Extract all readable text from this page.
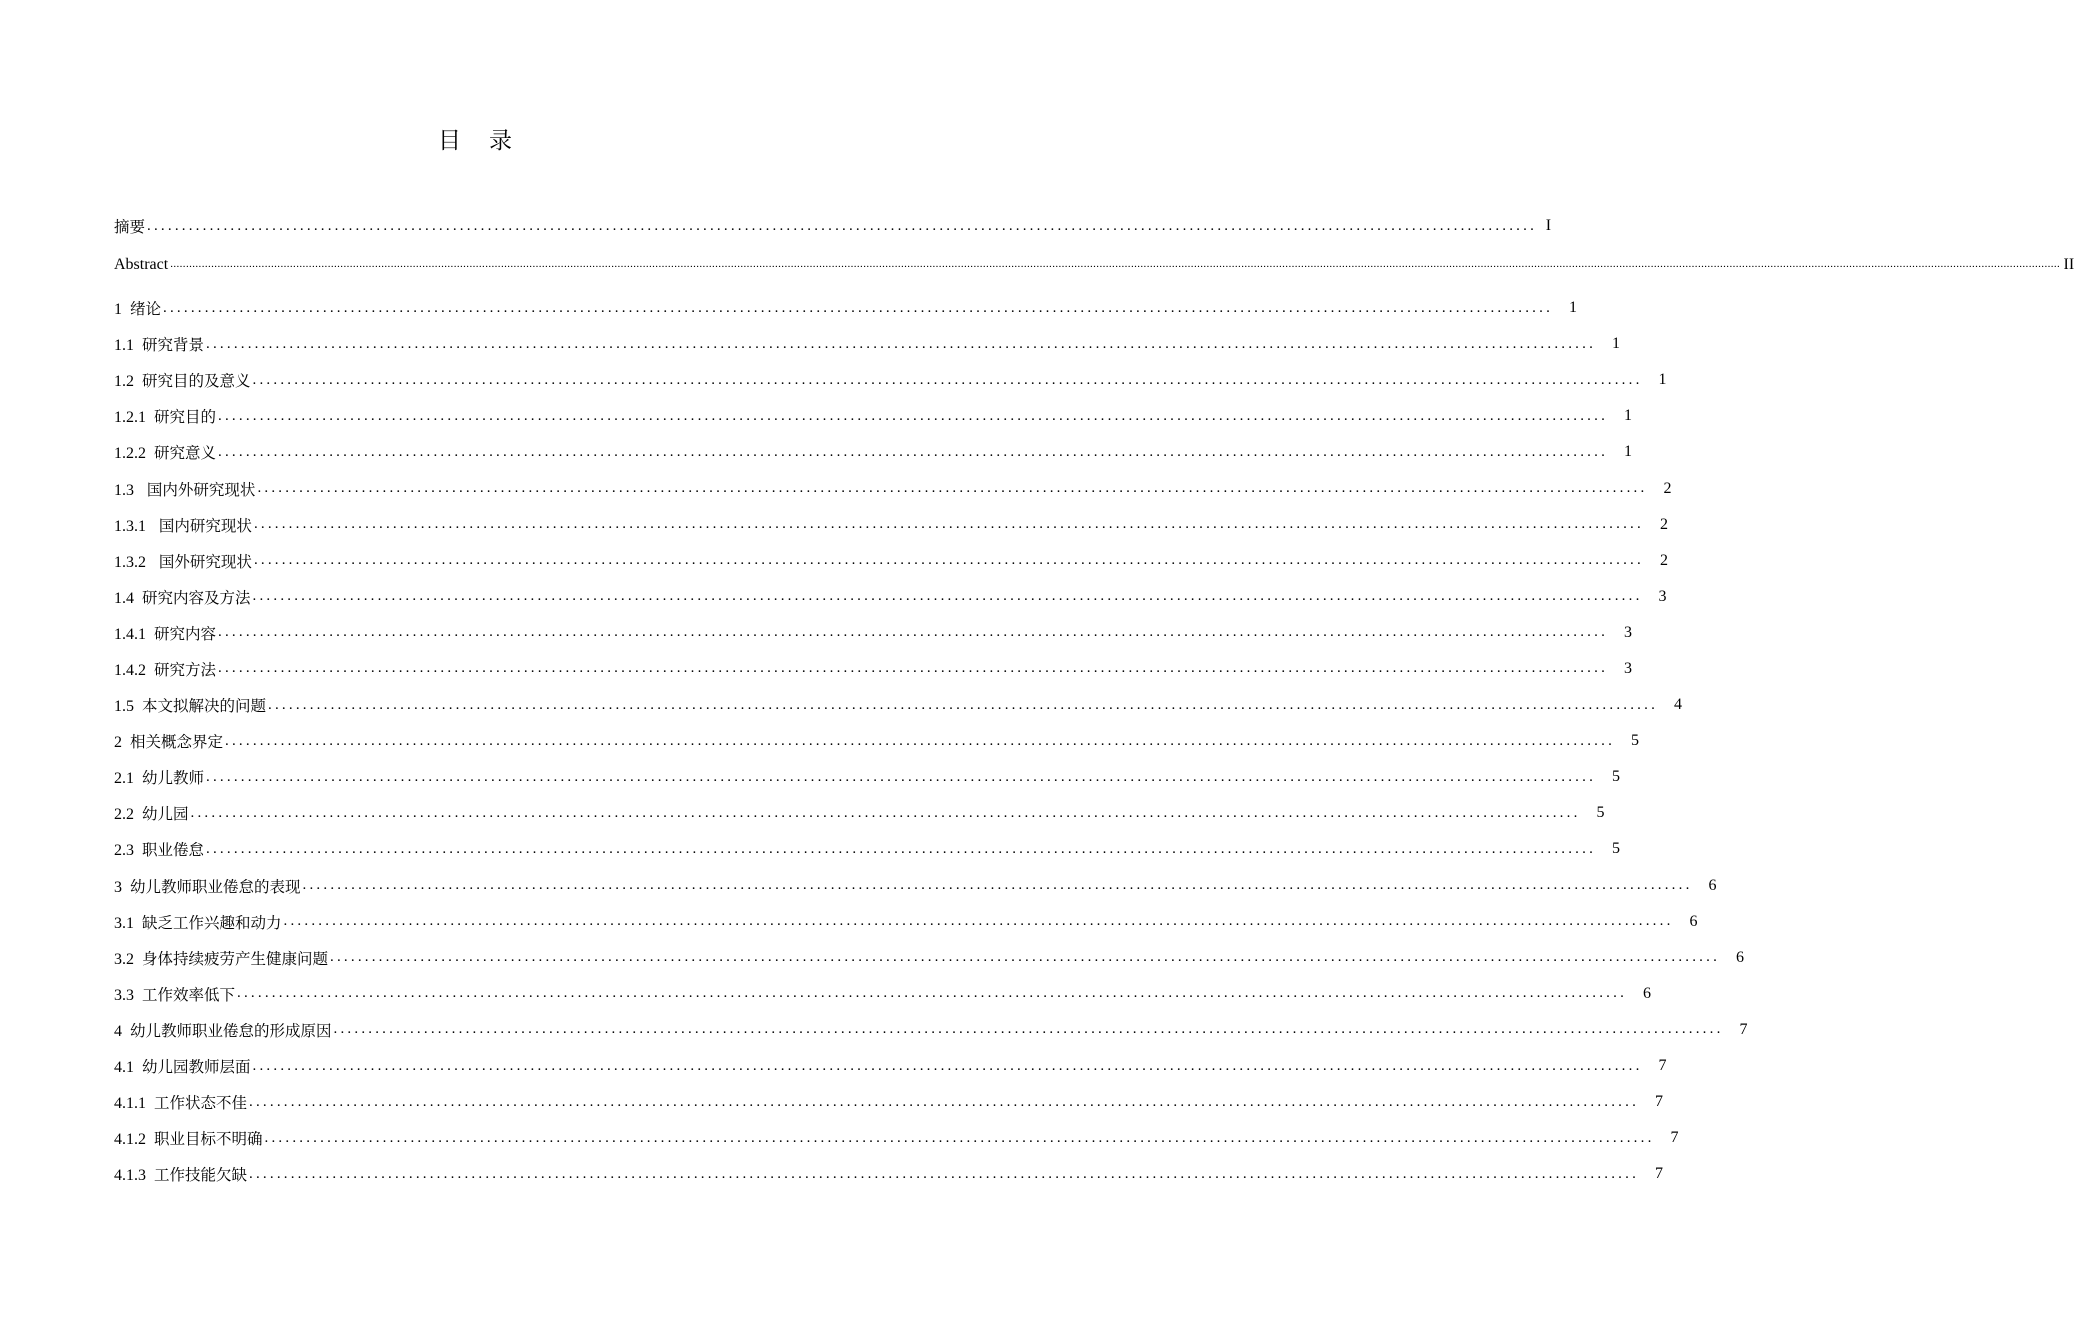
目 录
摘要 ........................................................................................................................................................................................................ I
Abstract ........................................................................................................................................................................................................................................................................................................................................................................................................................................................................................................................................................................................................................ II
1 绪论 ........................................................................................................................................................................................................	1
1.1 研究背景 ........................................................................................................................................................................................................	1
1.2 研究目的及意义 ........................................................................................................................................................................................................	1
1.2.1 研究目的 ........................................................................................................................................................................................................	1
1.2.2 研究意义 ........................................................................................................................................................................................................	1
1.3 国内外研究现状 ........................................................................................................................................................................................................	2
1.3.1 国内研究现状 ........................................................................................................................................................................................................	2
1.3.2 国外研究现状 ........................................................................................................................................................................................................	2
1.4 研究内容及方法 ........................................................................................................................................................................................................	3
1.4.1 研究内容 ........................................................................................................................................................................................................	3
1.4.2 研究方法 ........................................................................................................................................................................................................	3
1.5 本文拟解决的问题 ........................................................................................................................................................................................................	4
2 相关概念界定 ........................................................................................................................................................................................................	5
2.1 幼儿教师 ........................................................................................................................................................................................................	5
2.2 幼儿园 ........................................................................................................................................................................................................	5
2.3 职业倦怠 ........................................................................................................................................................................................................	5
3 幼儿教师职业倦怠的表现 ........................................................................................................................................................................................................	6
3.1 缺乏工作兴趣和动力 ........................................................................................................................................................................................................	6
3.2 身体持续疲劳产生健康问题 ........................................................................................................................................................................................................	6
3.3 工作效率低下 ........................................................................................................................................................................................................	6
4 幼儿教师职业倦怠的形成原因 ........................................................................................................................................................................................................	7
4.1 幼儿园教师层面 ........................................................................................................................................................................................................	7
4.1.1 工作状态不佳 ........................................................................................................................................................................................................	7
4.1.2 职业目标不明确 ........................................................................................................................................................................................................	7
4.1.3 工作技能欠缺 ........................................................................................................................................................................................................	7
